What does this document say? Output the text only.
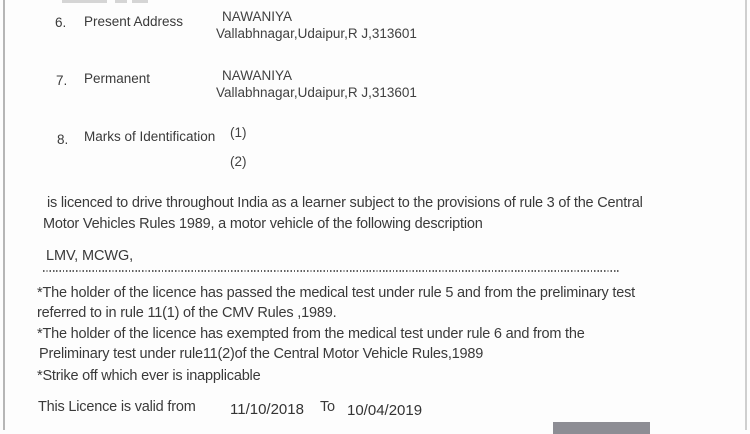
6. Present Address	NAWANIYA
Vallabhnagar,Udaipur,R J,313601
7. Permanent	NAWANIYA
Vallabhnagar,Udaipur,R J,313601
8. Marks of Identification (1)
(2)
is licenced to drive throughout India as a learner subject to the provisions of rule 3 of the Central
Motor Vehicles Rules 1989, a motor vehicle of the following description
LMV, MCWG,
*The holder of the licence has passed the medical test under rule 5 and from the preliminary test
referred to in rule 11(1) of the CMV Rules ,1989.
*The holder of the licence has exempted from the medical test under rule 6 and from the
Preliminary test under rule11(2)of the Central Motor Vehicle Rules,1989
*Strike off which ever is inapplicable
This Licence is valid from 11/10/2018 To 10/04/2019
